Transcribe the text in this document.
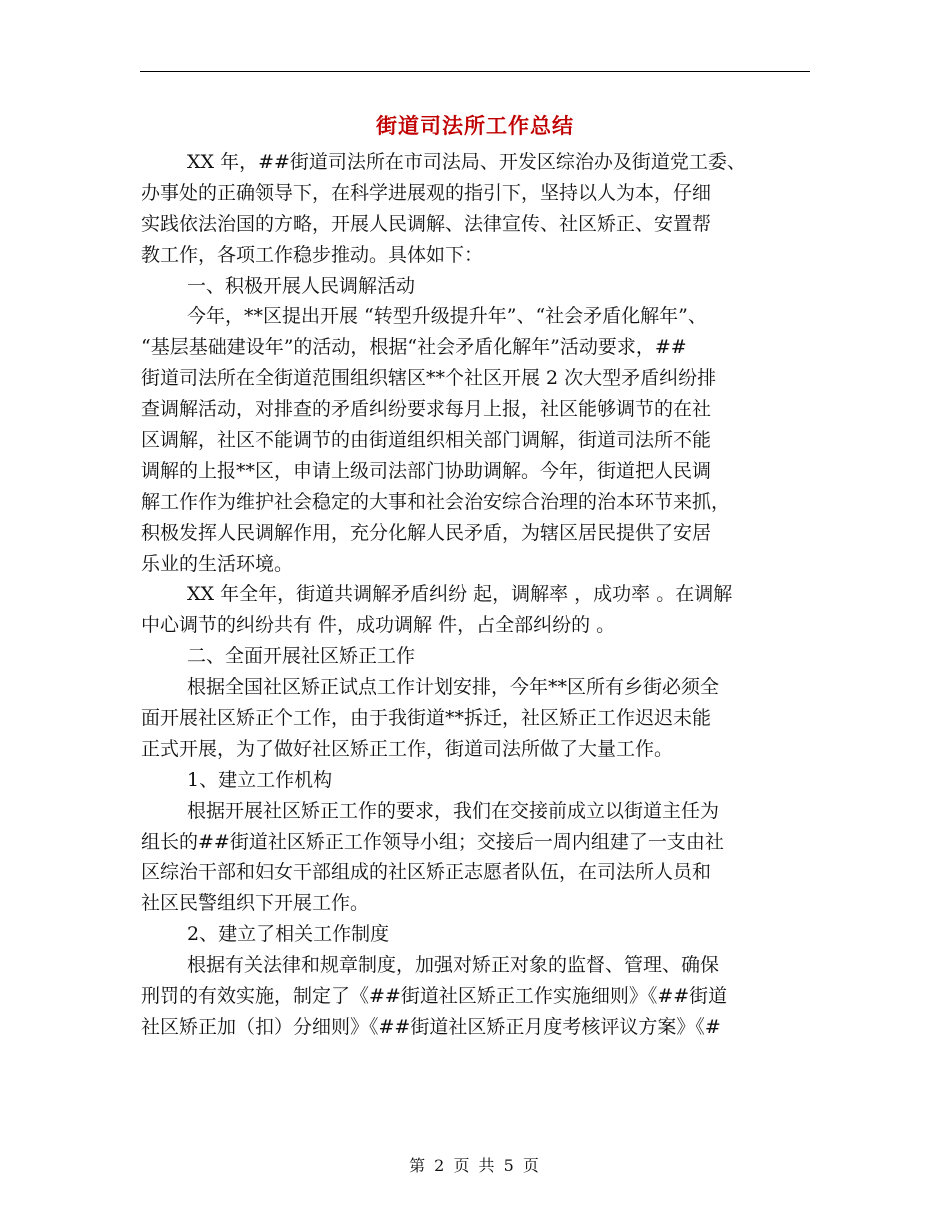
街道司法所工作总结
XX 年，##街道司法所在市司法局、开发区综治办及街道党工委、
办事处的正确领导下，在科学进展观的指引下，坚持以人为本，仔细
实践依法治国的方略，开展人民调解、法律宣传、社区矫正、安置帮
教工作，各项工作稳步推动。具体如下：
一、积极开展人民调解活动
今年，**区提出开展 “转型升级提升年”、“社会矛盾化解年”、
“基层基础建设年”的活动，根据“社会矛盾化解年”活动要求，##
街道司法所在全街道范围组织辖区**个社区开展 2 次大型矛盾纠纷排
查调解活动，对排查的矛盾纠纷要求每月上报，社区能够调节的在社
区调解，社区不能调节的由街道组织相关部门调解，街道司法所不能
调解的上报**区，申请上级司法部门协助调解。今年，街道把人民调
解工作作为维护社会稳定的大事和社会治安综合治理的治本环节来抓，
积极发挥人民调解作用，充分化解人民矛盾，为辖区居民提供了安居
乐业的生活环境。
XX 年全年，街道共调解矛盾纠纷 起，调解率 ，成功率 。在调解
中心调节的纠纷共有 件，成功调解 件，占全部纠纷的 。
二、全面开展社区矫正工作
根据全国社区矫正试点工作计划安排，今年**区所有乡街必须全
面开展社区矫正个工作，由于我街道**拆迁，社区矫正工作迟迟未能
正式开展，为了做好社区矫正工作，街道司法所做了大量工作。
1、建立工作机构
根据开展社区矫正工作的要求，我们在交接前成立以街道主任为
组长的##街道社区矫正工作领导小组；交接后一周内组建了一支由社
区综治干部和妇女干部组成的社区矫正志愿者队伍，在司法所人员和
社区民警组织下开展工作。
2、建立了相关工作制度
根据有关法律和规章制度，加强对矫正对象的监督、管理、确保
刑罚的有效实施，制定了《##街道社区矫正工作实施细则》《##街道
社区矫正加（扣）分细则》《##街道社区矫正月度考核评议方案》《#
第 2 页 共 5 页
